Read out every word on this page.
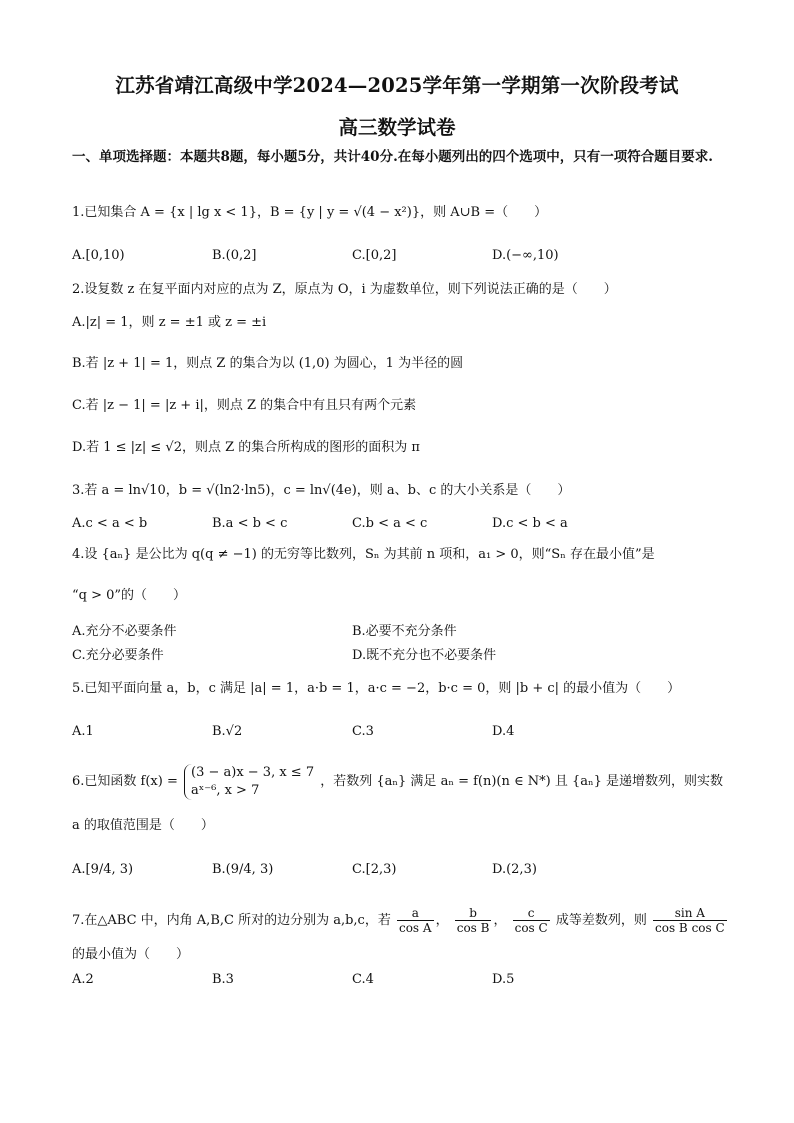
江苏省靖江高级中学2024—2025学年第一学期第一次阶段考试
高三数学试卷
一、单项选择题：本题共8题，每小题5分，共计40分.在每小题列出的四个选项中，只有一项符合题目要求.
1.已知集合 A = {x | lg x < 1}，B = {y | y = √(4 − x²)}，则 A∪B =（　　）
A.[0,10)	B.(0,2]	C.[0,2]	D.(−∞,10)
2.设复数 z 在复平面内对应的点为 Z，原点为 O，i 为虚数单位，则下列说法正确的是（　　）
A.|z| = 1，则 z = ±1 或 z = ±i
B.若 |z + 1| = 1，则点 Z 的集合为以 (1,0) 为圆心，1 为半径的圆
C.若 |z − 1| = |z + i|，则点 Z 的集合中有且只有两个元素
D.若 1 ≤ |z| ≤ √2，则点 Z 的集合所构成的图形的面积为 π
3.若 a = ln√10，b = √(ln2·ln5)，c = ln√(4e)，则 a、b、c 的大小关系是（　　）
A.c < a < b	B.a < b < c	C.b < a < c	D.c < b < a
4.设 {aₙ} 是公比为 q(q ≠ −1) 的无穷等比数列，Sₙ 为其前 n 项和，a₁ > 0，则“Sₙ 存在最小值”是
“q > 0”的（　　）
A.充分不必要条件	B.必要不充分条件
C.充分必要条件	D.既不充分也不必要条件
5.已知平面向量 a，b，c 满足 |a| = 1，a·b = 1，a·c = −2，b·c = 0，则 |b + c| 的最小值为（　　）
A.1	B.√2	C.3	D.4
6.已知函数 f(x) =
(3 − a)x − 3, x ≤ 7
aˣ⁻⁶, x > 7
，若数列 {aₙ} 满足 aₙ = f(n)(n ∈ N*) 且 {aₙ} 是递增数列，则实数
a 的取值范围是（　　）
A.[9/4, 3)	B.(9/4, 3)	C.[2,3)	D.(2,3)
7.在△ABC 中，内角 A,B,C 所对的边分别为 a,b,c，若 $\frac{a}{\text{cos A}}$ ， $\frac{b}{\text{cos B}}$ ， $\frac{c}{\text{cos C}}$ 成等差数列，则 $\frac{\text{sin A}}{\text{cos B cos C}}$
的最小值为（　　）
A.2	B.3	C.4	D.5
